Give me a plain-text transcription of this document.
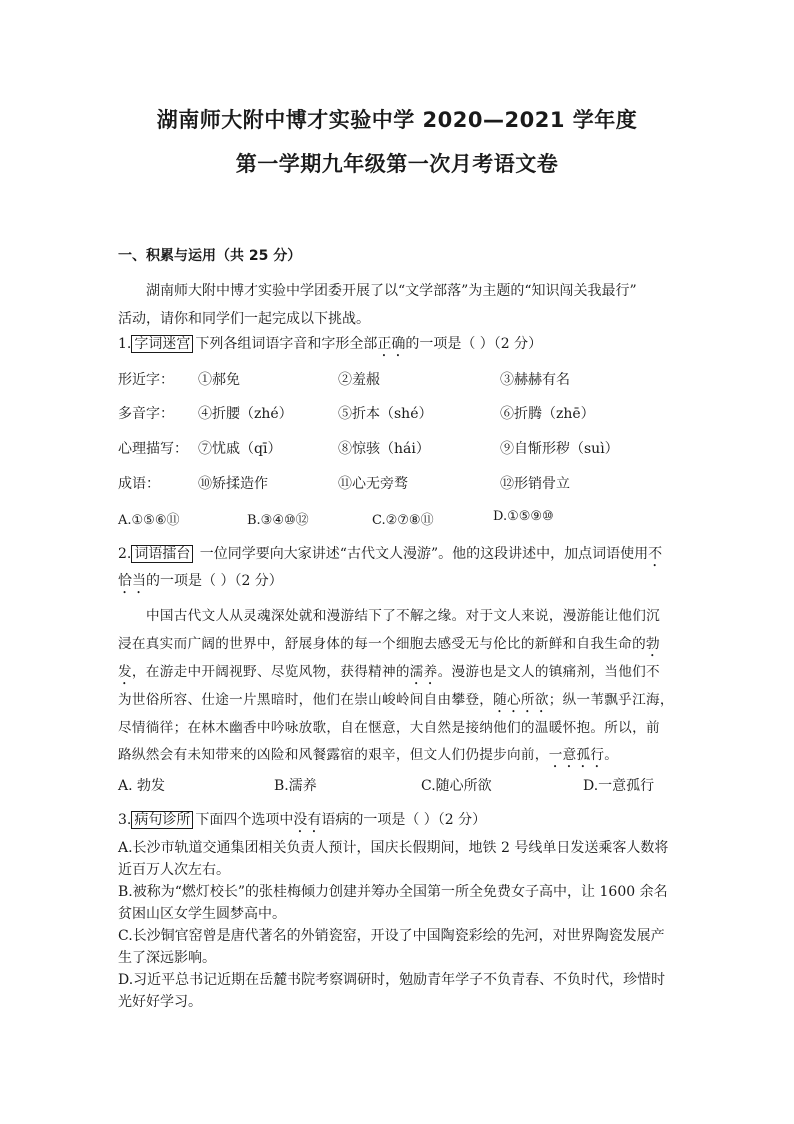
湖南师大附中博才实验中学 2020—2021 学年度
第一学期九年级第一次月考语文卷
一、积累与运用（共 25 分）
湖南师大附中博才实验中学团委开展了以“文学部落”为主题的“知识闯关我最行”
活动，请你和同学们一起完成以下挑战。
1. 字词迷宫 下列各组词语字音和字形全部正确的一项是（ ）（2 分）
形近字： ①郝免	②羞赧	③赫赫有名
多音字： ④折腰（zhé）	⑤折本（shé）	⑥折腾（zhē）
心理描写： ⑦忧戚（qī）	⑧惊骇（hái）	⑨自惭形秽（suì）
成语：	⑩矫揉造作	⑪心无旁骛	⑫形销骨立
A.①⑤⑥⑪	B.③④⑩⑫	C.②⑦⑧⑪	D.①⑤⑨⑩
2. 词语擂台 一位同学要向大家讲述“古代文人漫游”。他的这段讲述中，加点词语使用不
恰当的一项是（ ）（2 分）
中国古代文人从灵魂深处就和漫游结下了不解之缘。对于文人来说，漫游能让他们沉
浸在真实而广阔的世界中，舒展身体的每一个细胞去感受无与伦比的新鲜和自我生命的勃
发，在游走中开阔视野、尽览风物，获得精神的濡养。漫游也是文人的镇痛剂，当他们不
为世俗所容、仕途一片黑暗时，他们在崇山峻岭间自由攀登，随心所欲；纵一苇飘乎江海，
尽情徜徉；在林木幽香中吟咏放歌，自在惬意，大自然是接纳他们的温暖怀抱。所以，前
路纵然会有未知带来的凶险和风餐露宿的艰辛，但文人们仍提步向前，一意孤行。
A. 勃发	B.濡养	C.随心所欲	D.一意孤行
3. 病句诊所 下面四个选项中没有语病的一项是（ ）（2 分）
A.长沙市轨道交通集团相关负责人预计，国庆长假期间，地铁 2 号线单日发送乘客人数将
近百万人次左右。
B.被称为“燃灯校长”的张桂梅倾力创建并筹办全国第一所全免费女子高中，让 1600 余名
贫困山区女学生圆梦高中。
C.长沙铜官窑曾是唐代著名的外销瓷窑，开设了中国陶瓷彩绘的先河，对世界陶瓷发展产
生了深远影响。
D.习近平总书记近期在岳麓书院考察调研时，勉励青年学子不负青春、不负时代，珍惜时
光好好学习。
